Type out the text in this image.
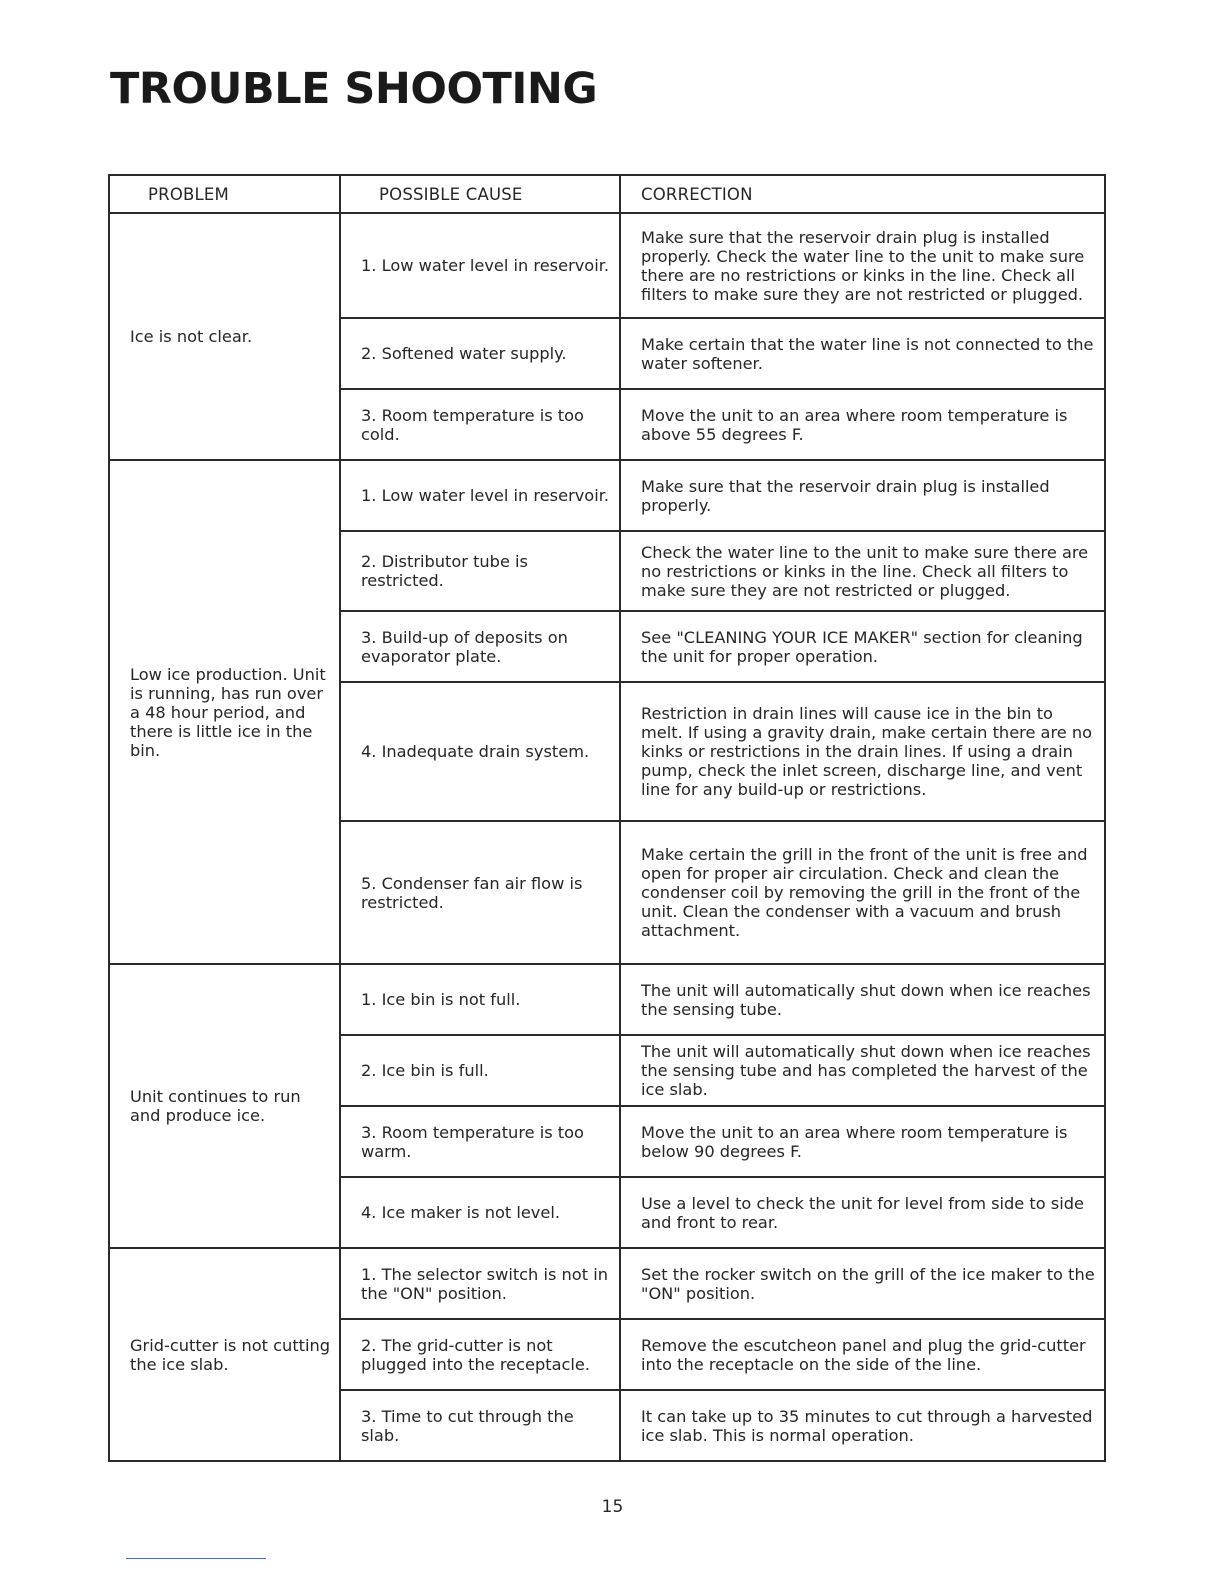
TROUBLE SHOOTING
PROBLEM	POSSIBLE CAUSE	CORRECTION
Ice is not clear.	1. Low water level in reservoir.	Make sure that the reservoir drain plug is installed properly. Check the water line to the unit to make sure there are no restrictions or kinks in the line. Check all filters to make sure they are not restricted or plugged.
	2. Softened water supply.	Make certain that the water line is not connected to the water softener.
	3. Room temperature is too cold.	Move the unit to an area where room temperature is above 55 degrees F.
Low ice production. Unit is running, has run over a 48 hour period, and there is little ice in the bin.	1. Low water level in reservoir.	Make sure that the reservoir drain plug is installed properly.
	2. Distributor tube is restricted.	Check the water line to the unit to make sure there are no restrictions or kinks in the line. Check all filters to make sure they are not restricted or plugged.
	3. Build-up of deposits on evaporator plate.	See "CLEANING YOUR ICE MAKER" section for cleaning the unit for proper operation.
	4. Inadequate drain system.	Restriction in drain lines will cause ice in the bin to melt. If using a gravity drain, make certain there are no kinks or restrictions in the drain lines. If using a drain pump, check the inlet screen, discharge line, and vent line for any build-up or restrictions.
	5. Condenser fan air flow is restricted.	Make certain the grill in the front of the unit is free and open for proper air circulation. Check and clean the condenser coil by removing the grill in the front of the unit. Clean the condenser with a vacuum and brush attachment.
Unit continues to run and produce ice.	1. Ice bin is not full.	The unit will automatically shut down when ice reaches the sensing tube.
	2. Ice bin is full.	The unit will automatically shut down when ice reaches the sensing tube and has completed the harvest of the ice slab.
	3. Room temperature is too warm.	Move the unit to an area where room temperature is below 90 degrees F.
	4. Ice maker is not level.	Use a level to check the unit for level from side to side and front to rear.
Grid-cutter is not cutting the ice slab.	1. The selector switch is not in the "ON" position.	Set the rocker switch on the grill of the ice maker to the "ON" position.
	2. The grid-cutter is not plugged into the receptacle.	Remove the escutcheon panel and plug the grid-cutter into the receptacle on the side of the line.
	3. Time to cut through the slab.	It can take up to 35 minutes to cut through a harvested ice slab. This is normal operation.
15
